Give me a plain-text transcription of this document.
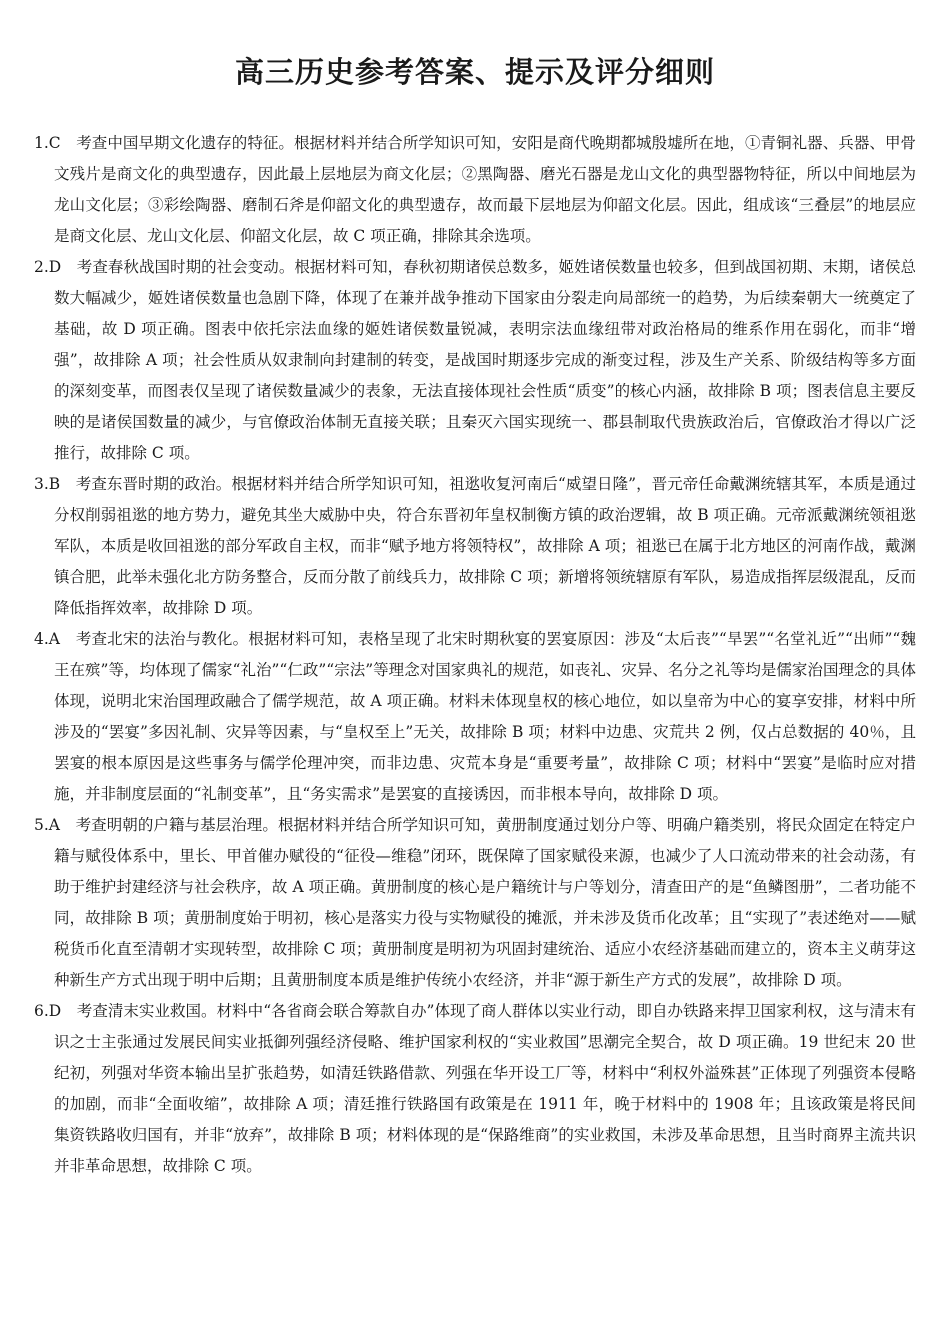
高三历史参考答案、提示及评分细则

1.C　考查中国早期文化遗存的特征。根据材料并结合所学知识可知，安阳是商代晚期都城殷墟所在地，①青铜礼器、兵器、甲骨文残片是商文化的典型遗存，因此最上层地层为商文化层；②黑陶器、磨光石器是龙山文化的典型器物特征，所以中间地层为龙山文化层；③彩绘陶器、磨制石斧是仰韶文化的典型遗存，故而最下层地层为仰韶文化层。因此，组成该“三叠层”的地层应是商文化层、龙山文化层、仰韶文化层，故 C 项正确，排除其余选项。

2.D　考查春秋战国时期的社会变动。根据材料可知，春秋初期诸侯总数多，姬姓诸侯数量也较多，但到战国初期、末期，诸侯总数大幅减少，姬姓诸侯数量也急剧下降，体现了在兼并战争推动下国家由分裂走向局部统一的趋势，为后续秦朝大一统奠定了基础，故 D 项正确。图表中依托宗法血缘的姬姓诸侯数量锐减，表明宗法血缘纽带对政治格局的维系作用在弱化，而非“增强”，故排除 A 项；社会性质从奴隶制向封建制的转变，是战国时期逐步完成的渐变过程，涉及生产关系、阶级结构等多方面的深刻变革，而图表仅呈现了诸侯数量减少的表象，无法直接体现社会性质“质变”的核心内涵，故排除 B 项；图表信息主要反映的是诸侯国数量的减少，与官僚政治体制无直接关联；且秦灭六国实现统一、郡县制取代贵族政治后，官僚政治才得以广泛推行，故排除 C 项。

3.B　考查东晋时期的政治。根据材料并结合所学知识可知，祖逖收复河南后“威望日隆”，晋元帝任命戴渊统辖其军，本质是通过分权削弱祖逖的地方势力，避免其坐大威胁中央，符合东晋初年皇权制衡方镇的政治逻辑，故 B 项正确。元帝派戴渊统领祖逖军队，本质是收回祖逖的部分军政自主权，而非“赋予地方将领特权”，故排除 A 项；祖逖已在属于北方地区的河南作战，戴渊镇合肥，此举未强化北方防务整合，反而分散了前线兵力，故排除 C 项；新增将领统辖原有军队，易造成指挥层级混乱，反而降低指挥效率，故排除 D 项。

4.A　考查北宋的法治与教化。根据材料可知，表格呈现了北宋时期秋宴的罢宴原因：涉及“太后丧”“旱罢”“名堂礼近”“出师”“魏王在殡”等，均体现了儒家“礼治”“仁政”“宗法”等理念对国家典礼的规范，如丧礼、灾异、名分之礼等均是儒家治国理念的具体体现，说明北宋治国理政融合了儒学规范，故 A 项正确。材料未体现皇权的核心地位，如以皇帝为中心的宴享安排，材料中所涉及的“罢宴”多因礼制、灾异等因素，与“皇权至上”无关，故排除 B 项；材料中边患、灾荒共 2 例，仅占总数据的 40％，且罢宴的根本原因是这些事务与儒学伦理冲突，而非边患、灾荒本身是“重要考量”，故排除 C 项；材料中“罢宴”是临时应对措施，并非制度层面的“礼制变革”，且“务实需求”是罢宴的直接诱因，而非根本导向，故排除 D 项。

5.A　考查明朝的户籍与基层治理。根据材料并结合所学知识可知，黄册制度通过划分户等、明确户籍类别，将民众固定在特定户籍与赋役体系中，里长、甲首催办赋役的“征役—维稳”闭环，既保障了国家赋役来源，也减少了人口流动带来的社会动荡，有助于维护封建经济与社会秩序，故 A 项正确。黄册制度的核心是户籍统计与户等划分，清查田产的是“鱼鳞图册”，二者功能不同，故排除 B 项；黄册制度始于明初，核心是落实力役与实物赋役的摊派，并未涉及货币化改革；且“实现了”表述绝对——赋税货币化直至清朝才实现转型，故排除 C 项；黄册制度是明初为巩固封建统治、适应小农经济基础而建立的，资本主义萌芽这种新生产方式出现于明中后期；且黄册制度本质是维护传统小农经济，并非“源于新生产方式的发展”，故排除 D 项。

6.D　考查清末实业救国。材料中“各省商会联合筹款自办”体现了商人群体以实业行动，即自办铁路来捍卫国家利权，这与清末有识之士主张通过发展民间实业抵御列强经济侵略、维护国家利权的“实业救国”思潮完全契合，故 D 项正确。19 世纪末 20 世纪初，列强对华资本输出呈扩张趋势，如清廷铁路借款、列强在华开设工厂等，材料中“利权外溢殊甚”正体现了列强资本侵略的加剧，而非“全面收缩”，故排除 A 项；清廷推行铁路国有政策是在 1911 年，晚于材料中的 1908 年；且该政策是将民间集资铁路收归国有，并非“放弃”，故排除 B 项；材料体现的是“保路维商”的实业救国，未涉及革命思想，且当时商界主流共识并非革命思想，故排除 C 项。
